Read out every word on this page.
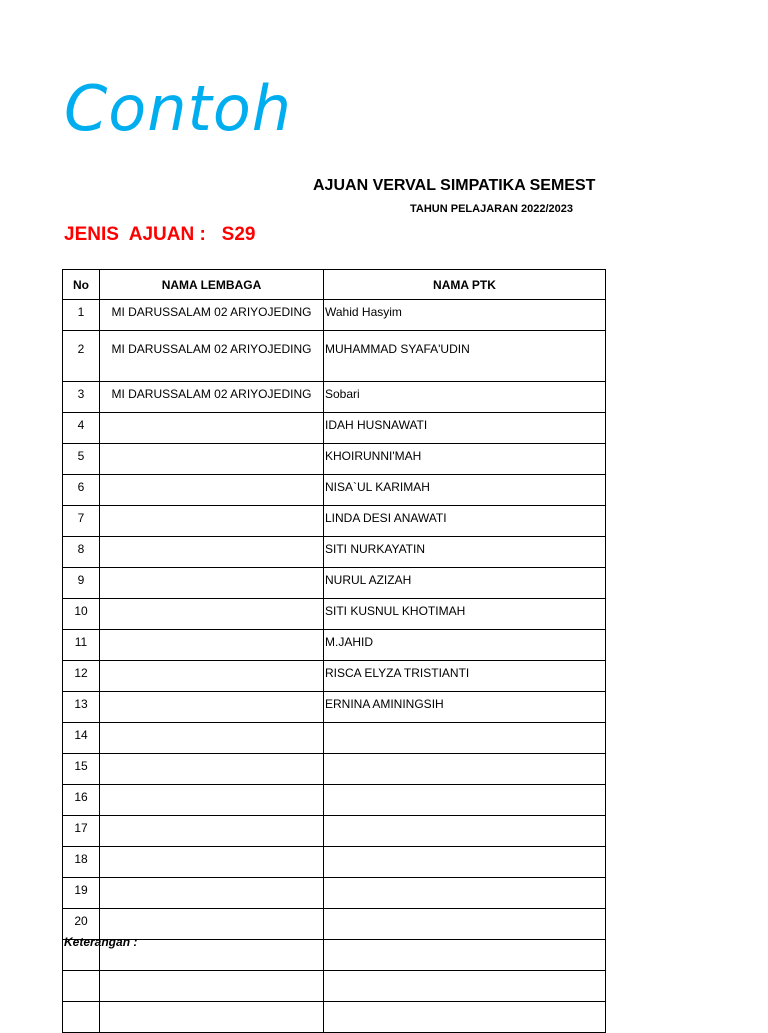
Contoh
AJUAN VERVAL SIMPATIKA SEMEST
TAHUN PELAJARAN 2022/2023
JENIS  AJUAN :   S29
No	NAMA LEMBAGA	NAMA PTK
1	MI DARUSSALAM 02 ARIYOJEDING	Wahid Hasyim
2	MI DARUSSALAM 02 ARIYOJEDING	MUHAMMAD SYAFA'UDIN
3	MI DARUSSALAM 02 ARIYOJEDING	Sobari
4		IDAH HUSNAWATI
5		KHOIRUNNI'MAH
6		NISA`UL KARIMAH
7		LINDA DESI ANAWATI
8		SITI NURKAYATIN
9		NURUL AZIZAH
10		SITI KUSNUL KHOTIMAH
11		M.JAHID
12		RISCA ELYZA TRISTIANTI
13		ERNINA AMININGSIH
14		
15		
16		
17		
18		
19		
20		

Keterangan :
